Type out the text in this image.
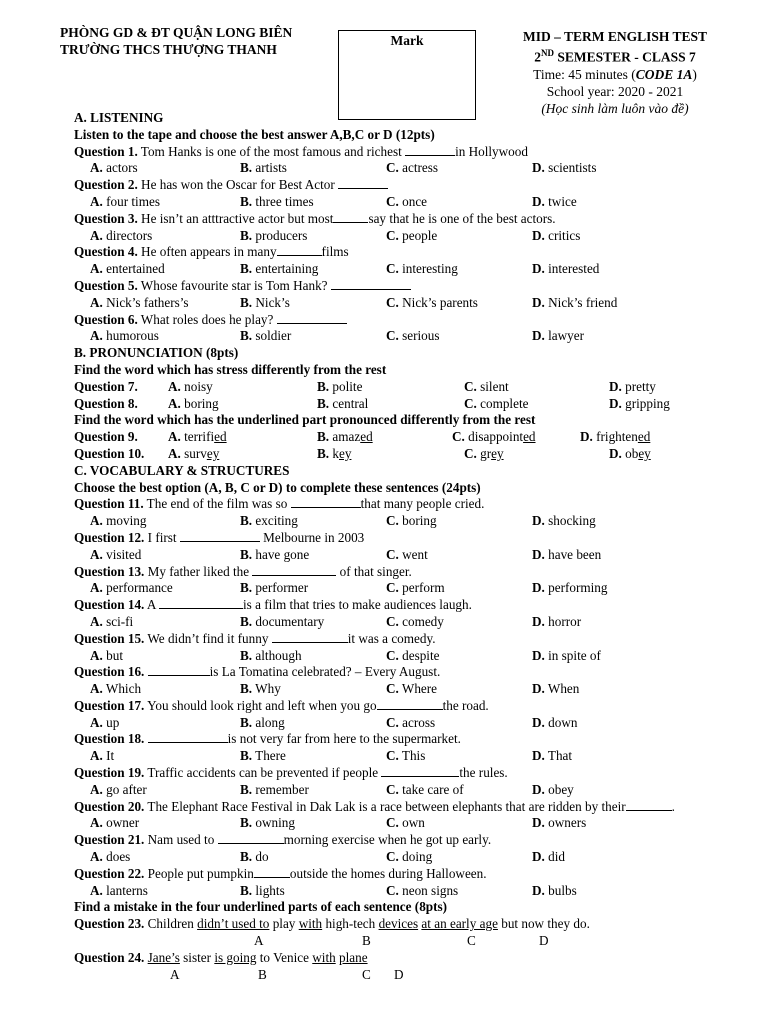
PHÒNG GD & ĐT QUẬN LONG BIÊN
TRƯỜNG THCS THƯỢNG THANH
Mark	MID – TERM ENGLISH TEST
2ND SEMESTER - CLASS 7
Time: 45 minutes (CODE 1A)
School year: 2020 - 2021
(Học sinh làm luôn vào đề)
A. LISTENING
Listen to the tape and choose the best answer A,B,C or D (12pts)
Question 1. Tom Hanks is one of the most famous and richest	in Hollywood
A. actors	B. artists	C. actress	D. scientists
Question 2. He has won the Oscar for Best Actor
A. four times	B. three times	C. once	D. twice
Question 3. He isn’t an atttractive actor but most	say that he is one of the best actors.
A. directors	B. producers	C. people	D. critics
Question 4. He often appears in many	films
A. entertained	B. entertaining	C. interesting	D. interested
Question 5. Whose favourite star is Tom Hank?
A. Nick’s fathers’s	B. Nick’s	C. Nick’s parents	D. Nick’s friend
Question 6. What roles does he play?
A. humorous	B. soldier	C. serious	D. lawyer
B. PRONUNCIATION (8pts)
Find the word which has stress differently from the rest
Question 7. A. noisy	B. polite	C. silent	D. pretty
Question 8. A. boring	B. central	C. complete	D. gripping
Find the word which has the underlined part pronounced differently from the rest
Question 9. A. terrified	B. amazed	C. disappointed	D. frightened
Question 10. A. survey	B. key	C. grey	D. obey
C. VOCABULARY & STRUCTURES
Choose the best option (A, B, C or D) to complete these sentences (24pts)
Question 11. The end of the film was so	that many people cried.
A. moving	B. exciting	C. boring	D. shocking
Question 12. I first	Melbourne in 2003
A. visited	B. have gone	C. went	D. have been
Question 13. My father liked the	of that singer.
A. performance	B. performer	C. perform	D. performing
Question 14. A	is a film that tries to make audiences laugh.
A. sci-fi	B. documentary	C. comedy	D. horror
Question 15. We didn’t find it funny	it was a comedy.
A. but	B. although	C. despite	D. in spite of
Question 16.	is La Tomatina celebrated? – Every August.
A. Which	B. Why	C. Where	D. When
Question 17. You should look right and left when you go	the road.
A. up	B. along	C. across	D. down
Question 18.	is not very far from here to the supermarket.
A. It	B. There	C. This	D. That
Question 19. Traffic accidents can be prevented if people	the rules.
A. go after	B. remember	C. take care of	D. obey
Question 20. The Elephant Race Festival in Dak Lak is a race between elephants that are ridden by their	.
A. owner	B. owning	C. own	D. owners
Question 21. Nam used to	morning exercise when he got up early.
A. does	B. do	C. doing	D. did
Question 22. People put pumpkin	outside the homes during Halloween.
A. lanterns	B. lights	C. neon signs	D. bulbs
Find a mistake in the four underlined parts of each sentence (8pts)
Question 23. Children didn’t used to play with high-tech devices at an early age but now they do.
A	B	C	D
Question 24. Jane’s sister is going to Venice with plane
A	B	C D
